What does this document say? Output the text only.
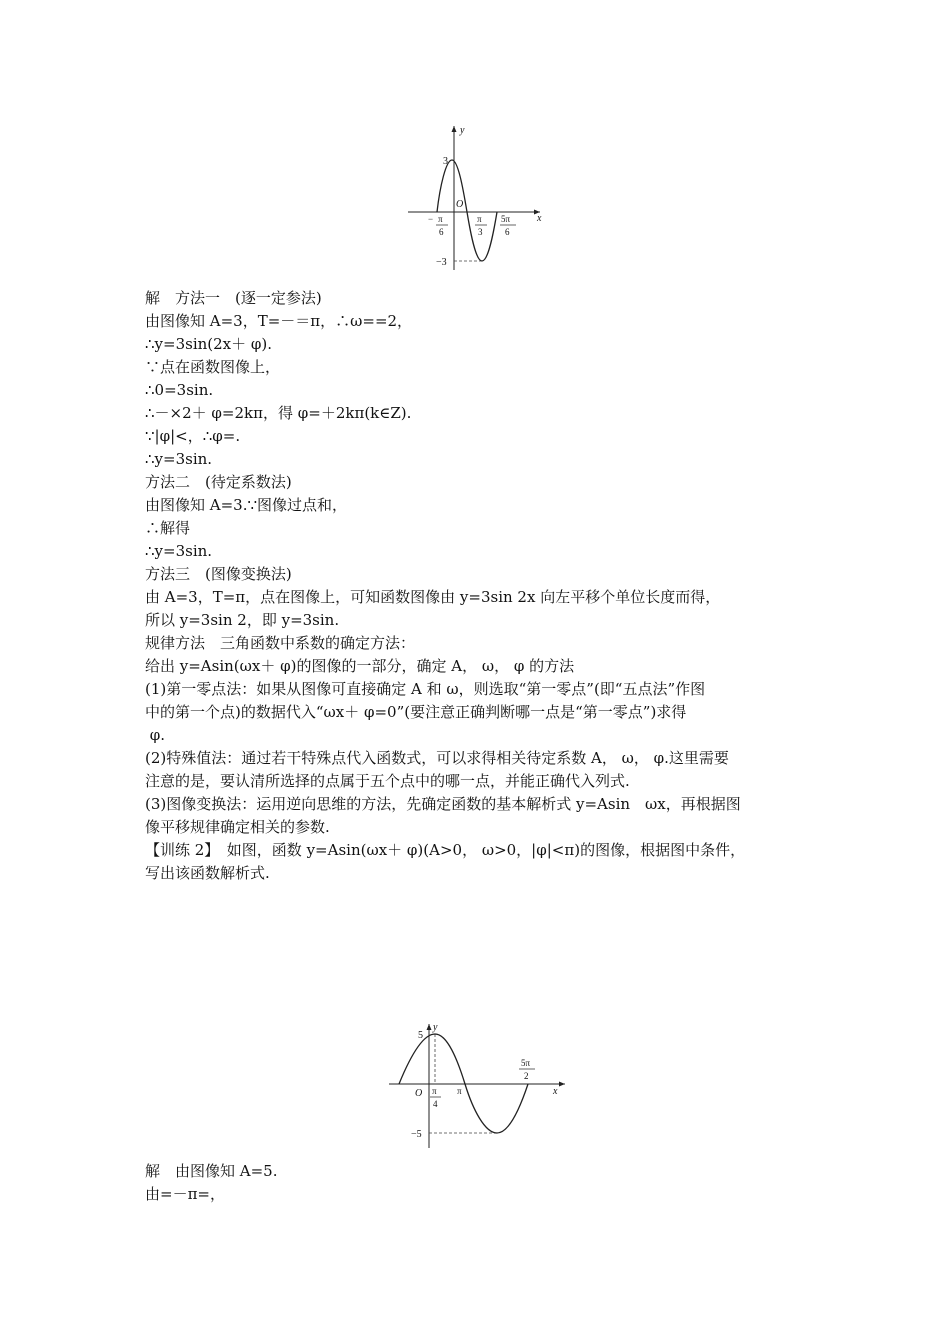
y
x
O
3
−3
− π
6
π
3
5π
6
解　方法一　(逐一定参法)
由图像知 A=3，T=－＝π，∴ω==2，
∴y=3sin(2x＋ φ).
∵点在函数图像上，
∴0=3sin.
∴－×2＋ φ=2kπ，得 φ=＋2kπ(k∈Z).
∵|φ|<，∴φ=.
∴y=3sin.
方法二　(待定系数法)
由图像知 A=3.∵图像过点和，
∴解得
∴y=3sin.
方法三　(图像变换法)
由 A=3，T=π，点在图像上，可知函数图像由 y=3sin 2x 向左平移个单位长度而得，
所以 y=3sin 2，即 y=3sin.
规律方法　三角函数中系数的确定方法：
给出 y=Asin(ωx＋ φ)的图像的一部分，确定 A， ω， φ 的方法
(1)第一零点法：如果从图像可直接确定 A 和 ω，则选取“第一零点”(即“五点法”作图
中的第一个点)的数据代入“ωx＋ φ=0”(要注意正确判断哪一点是“第一零点”)求得
φ.
(2)特殊值法：通过若干特殊点代入函数式，可以求得相关待定系数 A， ω， φ.这里需要
注意的是，要认清所选择的点属于五个点中的哪一点，并能正确代入列式.
(3)图像变换法：运用逆向思维的方法，先确定函数的基本解析式 y=Asin　ωx，再根据图
像平移规律确定相关的参数.
【训练 2】　如图，函数 y=Asin(ωx＋ φ)(A>0， ω>0，|φ|<π)的图像，根据图中条件，
写出该函数解析式.
y
x
O
5
−5
π
4
π
5π
2
解　由图像知 A=5.
由=－π=，
